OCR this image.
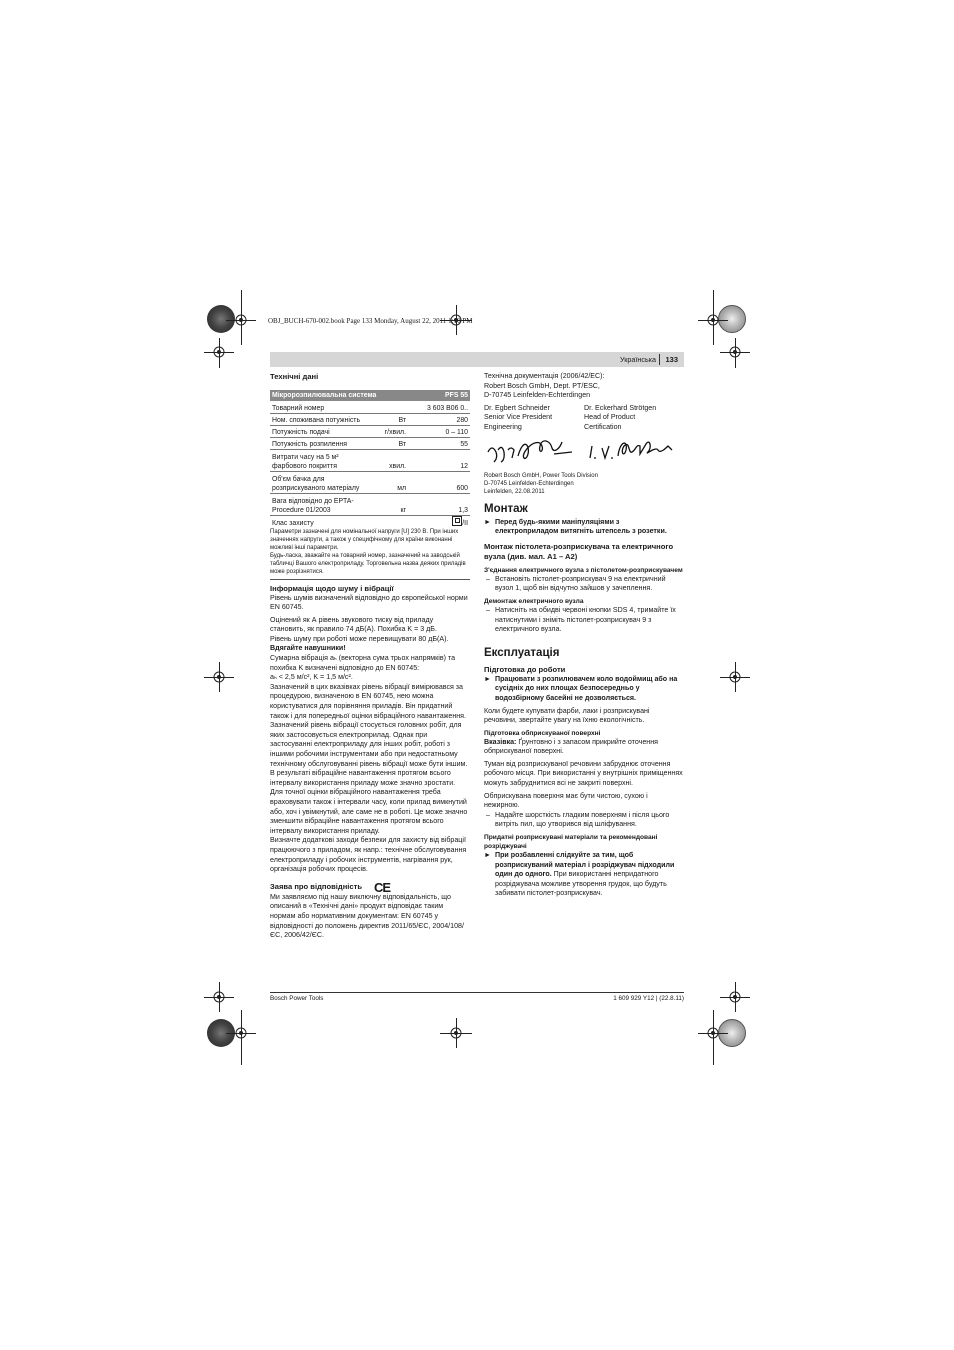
OBJ_BUCH-670-002.book Page 133 Monday, August 22, 2011 1:10 PM
Українська 133
Технічні дані
Мікророзпилювальна система		PFS 55
Товарний номер		3 603 B06 0..
Ном. споживана потужність	Вт	280
Потужність подачі	г/хвил.	0 – 110
Потужність розпилення	Вт	55
Витрати часу на 5 м² фарбового покриття	хвил.	12
Об'єм бачка для розприскуваного матеріалу	мл	600
Вага відповідно до EPTA-Procedure 01/2003	кг	1,3
Клас захисту		/II

Параметри зазначені для номінальної напруги [U] 230 В. При інших значеннях напруги, а також у специфічному для країни виконанні можливі інші параметри.

Будь-ласка, зважайте на товарний номер, зазначений на заводській табличці Вашого електроприладу. Торговельна назва деяких приладів може розрізнятися.

Інформація щодо шуму і вібрації

Рівень шумів визначений відповідно до європейської норми EN 60745.

Оцінений як А рівень звукового тиску від приладу становить, як правило 74 дБ(A). Похибка K = 3 дБ.

Рівень шуму при роботі може перевищувати 80 дБ(A).

Вдягайте навушники!

Сумарна вібрація aₕ (векторна сума трьох напрямків) та похибка K визначені відповідно до EN 60745:

aₕ < 2,5 м/с², K = 1,5 м/с².

Зазначений в цих вказівках рівень вібрації вимірювався за процедурою, визначеною в EN 60745, нею можна користуватися для порівняння приладів. Він придатний також і для попередньої оцінки вібраційного навантаження. Зазначений рівень вібрації стосується головних робіт, для яких застосовується електроприлад. Однак при застосуванні електроприладу для інших робіт, роботі з іншими робочими інструментами або при недостатньому технічному обслуговуванні рівень вібрації може бути іншим. В результаті вібраційне навантаження протягом всього інтервалу використання приладу може значно зростати.

Для точної оцінки вібраційного навантаження треба враховувати також і інтервали часу, коли прилад вимкнутий або, хоч і увімкнутий, але саме не в роботі. Це може значно зменшити вібраційне навантаження протягом всього інтервалу використання приладу.

Визначте додаткові заходи безпеки для захисту від вібрації працюючого з приладом, як напр.: технічне обслуговування електроприладу і робочих інструментів, нагрівання рук, організація робочих процесів.

Заява про відповідність CE

Ми заявляємо під нашу виключну відповідальність, що описаний в «Технічні дані» продукт відповідає таким нормам або нормативним документам: EN 60745 у відповідності до положень директив 2011/65/ЄС, 2004/108/ЄС, 2006/42/ЄС.

Технічна документація (2006/42/EC):

Robert Bosch GmbH, Dept. PT/ESC,

D-70745 Leinfelden-Echterdingen

Dr. Egbert Schneider

Senior Vice President

Engineering

Dr. Eckerhard Strötgen

Head of Product

Certification

Robert Bosch GmbH, Power Tools Division

D-70745 Leinfelden-Echterdingen

Leinfelden, 22.08.2011

Монтаж
► Перед будь-якими маніпуляціями з електроприладом витягніть штепсель з розетки.

Монтаж пістолета-розприскувача та електричного вузла (див. мал. A1 – A2)
З'єднання електричного вузла з пістолетом-розприскувачем
– Встановіть пістолет-розприскувач 9 на електричний вузол 1, щоб він відчутно зайшов у зачеплення.

Демонтаж електричного вузла
– Натисніть на обидві червоні кнопки SDS 4, тримайте їх натиснутими і зніміть пістолет-розприскувач 9 з електричного вузла.

Експлуатація
Підготовка до роботи
► Працювати з розпилювачем коло водоймищ або на сусідніх до них площах безпосередньо у водозбірному басейні не дозволяється.

Коли будете купувати фарби, лаки і розприскувані речовини, звертайте увагу на їхню екологічність.

Підготовка обприскуваної поверхні

Вказівка: Ґрунтовно і з запасом прикрийте оточення обприскуваної поверхні.

Туман від розприскуваної речовини забруднює оточення робочого місця. При використанні у внутрішніх приміщеннях можуть забруднитися всі не закриті поверхні.

Обприскувана поверхня має бути чистою, сухою і нежирною.

– Надайте шорсткість гладким поверхням і після цього витріть пил, що утворився від шліфування.

Придатні розприскувані матеріали та рекомендовані розріджувачі
► При розбавленні слідкуйте за тим, щоб розприскуваний матеріал і розріджувач підходили один до одного. При використанні непридатного розріджувача можливе утворення грудок, що будуть забивати пістолет-розприскувач.

Bosch Power Tools	1 609 929 Y12 | (22.8.11)
